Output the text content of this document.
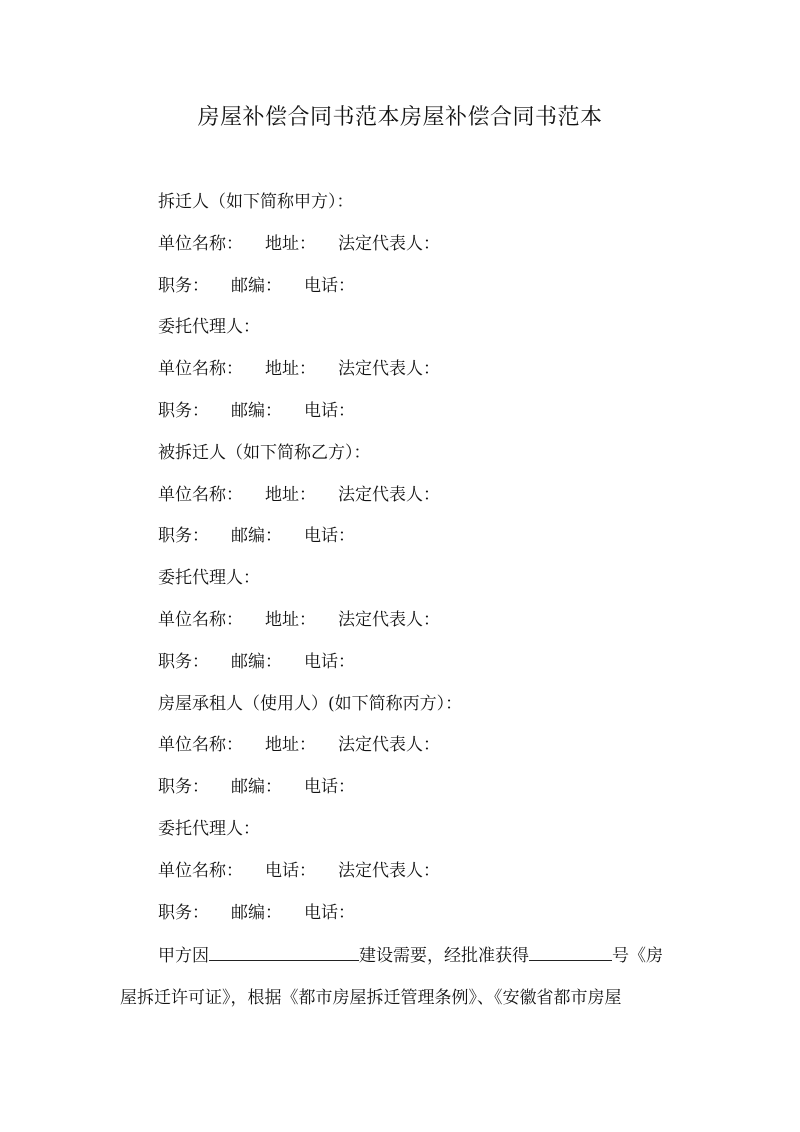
房屋补偿合同书范本房屋补偿合同书范本
拆迁人（如下简称甲方）：
单位名称： 地址： 法定代表人：
职务： 邮编： 电话：
委托代理人：
单位名称： 地址： 法定代表人：
职务： 邮编： 电话：
被拆迁人（如下简称乙方）：
单位名称： 地址： 法定代表人：
职务： 邮编： 电话：
委托代理人：
单位名称： 地址： 法定代表人：
职务： 邮编： 电话：
房屋承租人（使用人）(如下简称丙方）：
单位名称： 地址： 法定代表人：
职务： 邮编： 电话：
委托代理人：
单位名称： 电话： 法定代表人：
职务： 邮编： 电话：
甲方因	建设需要，经批准获得	号《房
屋拆迁许可证》，根据《都市房屋拆迁管理条例》、《安徽省都市房屋
